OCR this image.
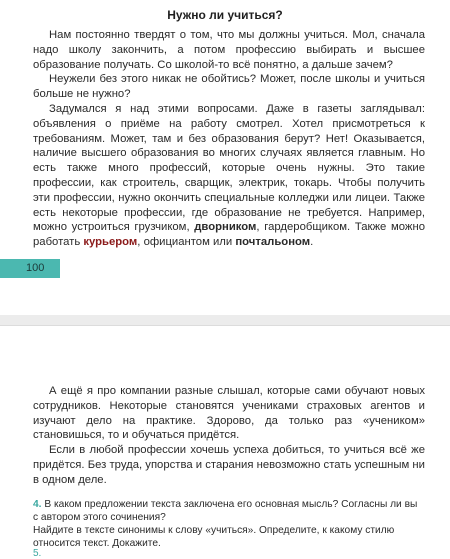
Нужно ли учиться?

Нам постоянно твердят о том, что мы должны учиться. Мол, сначала надо школу закончить, а потом профессию выбирать и высшее образование получать. Со школой-то всё понятно, а дальше зачем?

Неужели без этого никак не обойтись? Может, после школы и учиться больше не нужно?

Задумался я над этими вопросами. Даже в газеты заглядывал: объявления о приёме на работу смотрел. Хотел присмотреться к требованиям. Может, там и без образования берут? Нет! Оказывается, наличие высшего образования во многих случаях является главным. Но есть также много профессий, которые очень нужны. Это такие профессии, как строитель, сварщик, электрик, токарь. Чтобы получить эти профессии, нужно окончить специальные колледжи или лицеи. Также есть некоторые профессии, где образование не требуется. Например, можно устроиться грузчиком, дворником, гардеробщиком. Также можно работать курьером, официантом или почтальоном.

100

А ещё я про компании разные слышал, которые сами обучают новых сотрудников. Некоторые становятся учениками страховых агентов и изучают дело на практике. Здорово, да только раз «учеником» становишься, то и обучаться придётся.

Если в любой профессии хочешь успеха добиться, то учиться всё же придётся. Без труда, упорства и старания невозможно стать успешным ни в одном деле.

4. В каком предложении текста заключена его основная мысль? Согласны ли вы с автором этого сочинения?

Найдите в тексте синонимы к слову «учиться». Определите, к какому стилю относится текст. Докажите.

5.
